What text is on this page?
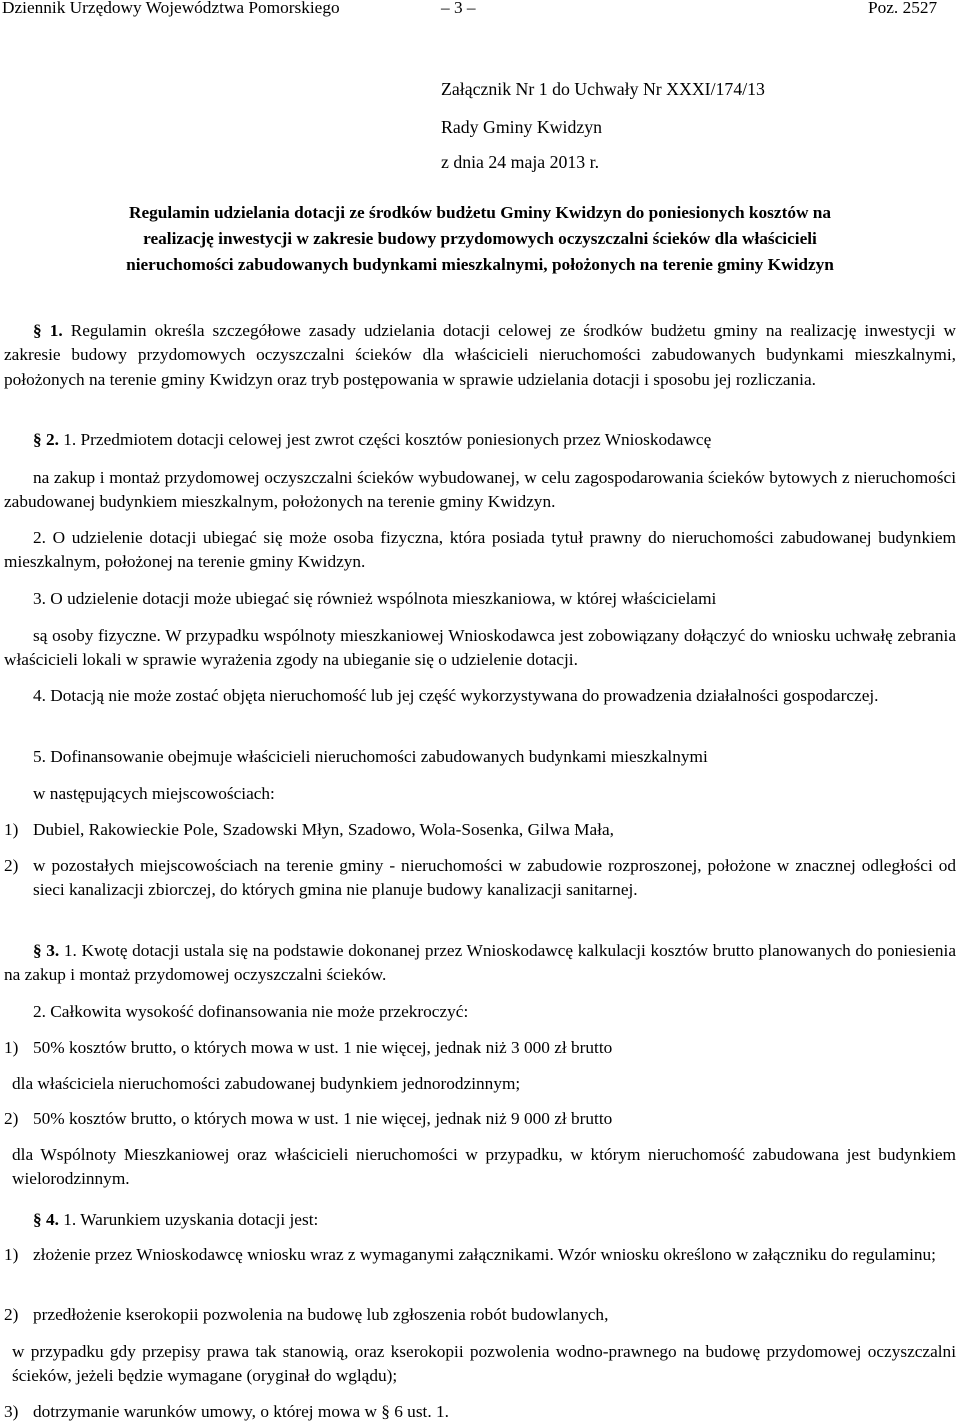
Dziennik Urzędowy Województwa Pomorskiego	– 3 –	Poz. 2527
Załącznik Nr 1 do Uchwały Nr XXXI/174/13
Rady Gminy Kwidzyn
z dnia 24 maja 2013 r.
Regulamin udzielania dotacji ze środków budżetu Gminy Kwidzyn do poniesionych kosztów na
realizację inwestycji w zakresie budowy przydomowych oczyszczalni ścieków dla właścicieli
nieruchomości zabudowanych budynkami mieszkalnymi, położonych na terenie gminy Kwidzyn
§ 1. Regulamin określa szczegółowe zasady udzielania dotacji celowej ze środków budżetu gminy na realizację inwestycji w zakresie budowy przydomowych oczyszczalni ścieków dla właścicieli nieruchomości zabudowanych budynkami mieszkalnymi, położonych na terenie gminy Kwidzyn oraz tryb postępowania w sprawie udzielania dotacji i sposobu jej rozliczania.
§ 2. 1. Przedmiotem dotacji celowej jest zwrot części kosztów poniesionych przez Wnioskodawcę
na zakup i montaż przydomowej oczyszczalni ścieków wybudowanej, w celu zagospodarowania ścieków bytowych z nieruchomości zabudowanej budynkiem mieszkalnym, położonych na terenie gminy Kwidzyn.
2. O udzielenie dotacji ubiegać się może osoba fizyczna, która posiada tytuł prawny do nieruchomości zabudowanej budynkiem mieszkalnym, położonej na terenie gminy Kwidzyn.
3. O udzielenie dotacji może ubiegać się również wspólnota mieszkaniowa, w której właścicielami
są osoby fizyczne. W przypadku wspólnoty mieszkaniowej Wnioskodawca jest zobowiązany dołączyć do wniosku uchwałę zebrania właścicieli lokali w sprawie wyrażenia zgody na ubieganie się o udzielenie dotacji.
4. Dotacją nie może zostać objęta nieruchomość lub jej część wykorzystywana do prowadzenia działalności gospodarczej.
5. Dofinansowanie obejmuje właścicieli nieruchomości zabudowanych budynkami mieszkalnymi
w następujących miejscowościach:
1) Dubiel, Rakowieckie Pole, Szadowski Młyn, Szadowo, Wola-Sosenka, Gilwa Mała,
2) w pozostałych miejscowościach na terenie gminy - nieruchomości w zabudowie rozproszonej, położone w znacznej odległości od sieci kanalizacji zbiorczej, do których gmina nie planuje budowy kanalizacji sanitarnej.
§ 3. 1. Kwotę dotacji ustala się na podstawie dokonanej przez Wnioskodawcę kalkulacji kosztów brutto planowanych do poniesienia na zakup i montaż przydomowej oczyszczalni ścieków.
2. Całkowita wysokość dofinansowania nie może przekroczyć:
1) 50% kosztów brutto, o których mowa w ust. 1 nie więcej, jednak niż 3 000 zł brutto
dla właściciela nieruchomości zabudowanej budynkiem jednorodzinnym;
2) 50% kosztów brutto, o których mowa w ust. 1 nie więcej, jednak niż 9 000 zł brutto
dla Wspólnoty Mieszkaniowej oraz właścicieli nieruchomości w przypadku, w którym nieruchomość zabudowana jest budynkiem wielorodzinnym.
§ 4. 1. Warunkiem uzyskania dotacji jest:
1) złożenie przez Wnioskodawcę wniosku wraz z wymaganymi załącznikami. Wzór wniosku określono w załączniku do regulaminu;
2) przedłożenie kserokopii pozwolenia na budowę lub zgłoszenia robót budowlanych,
w przypadku gdy przepisy prawa tak stanowią, oraz kserokopii pozwolenia wodno-prawnego na budowę przydomowej oczyszczalni ścieków, jeżeli będzie wymagane (oryginał do wglądu);
3) dotrzymanie warunków umowy, o której mowa w § 6 ust. 1.
